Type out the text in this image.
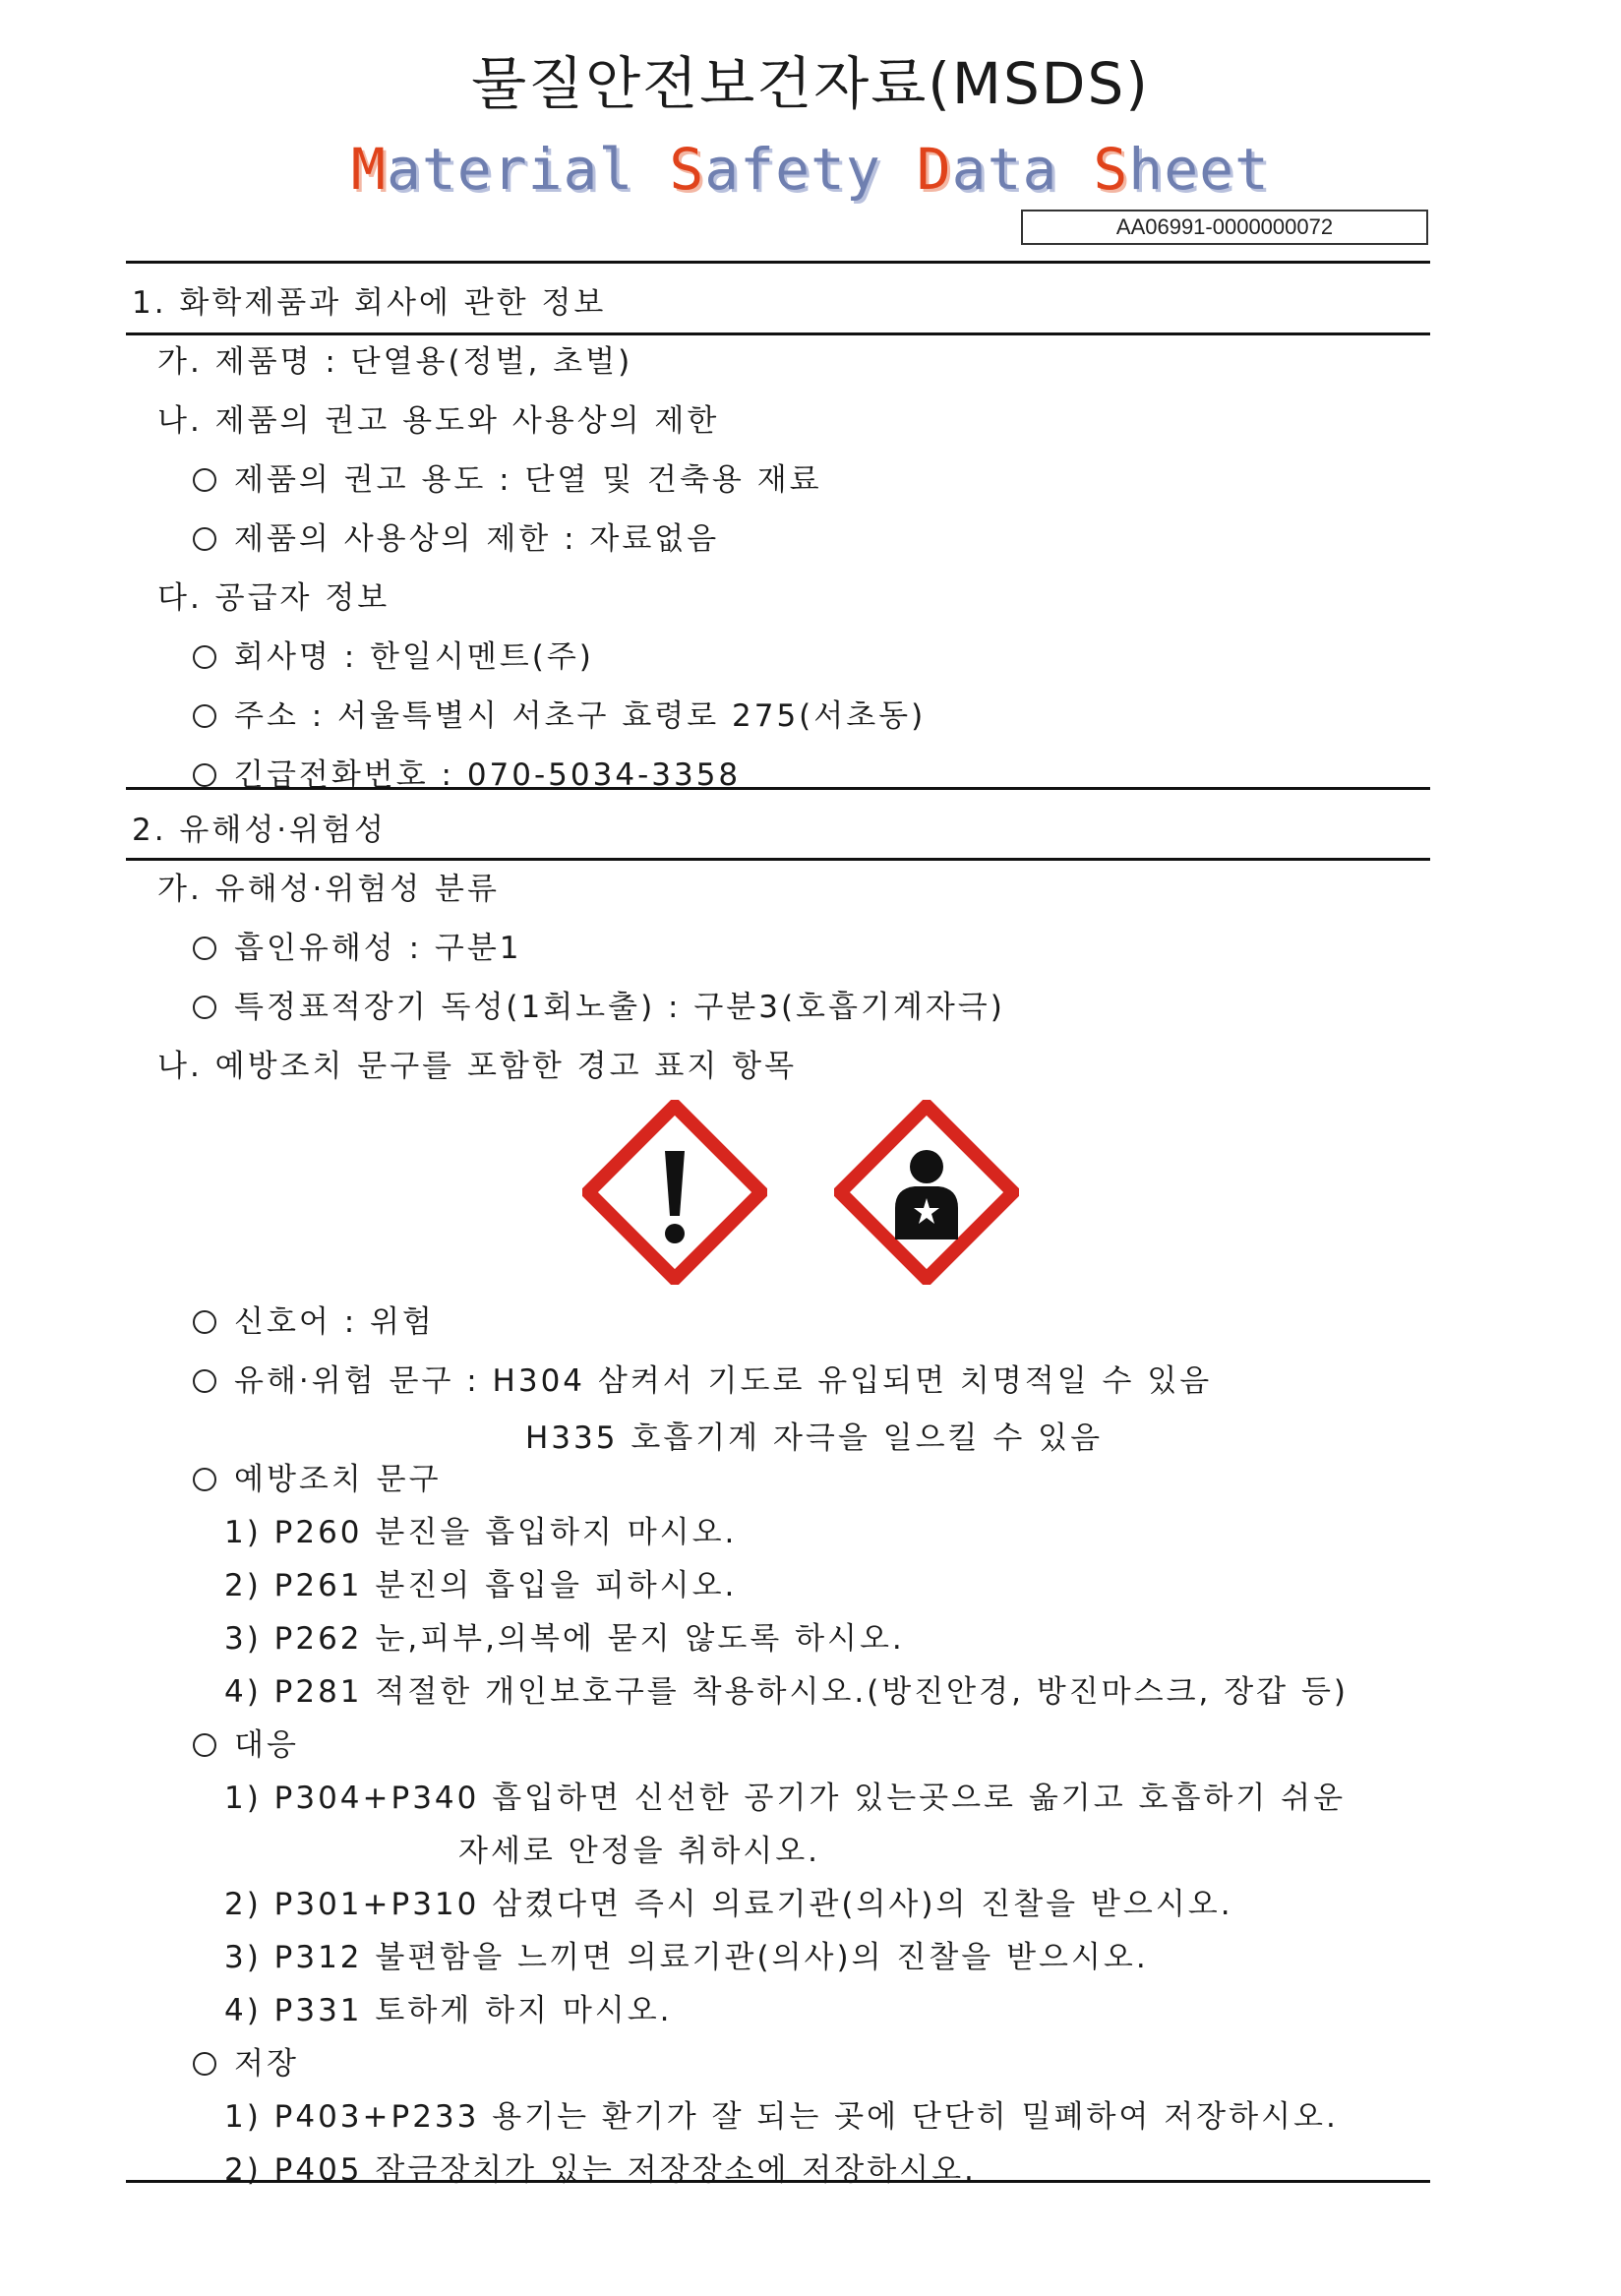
물질안전보건자료(MSDS)
Material Safety Data Sheet
AA06991-0000000072
1. 화학제품과 회사에 관한 정보
가. 제품명 : 단열용(정벌, 초벌)
나. 제품의 권고 용도와 사용상의 제한
제품의 권고 용도 : 단열 및 건축용 재료
제품의 사용상의 제한 : 자료없음
다. 공급자 정보
회사명 : 한일시멘트(주)
주소 : 서울특별시 서초구 효령로 275(서초동)
긴급전화번호 : 070-5034-3358
2. 유해성·위험성
가. 유해성·위험성 분류
흡인유해성 : 구분1
특정표적장기 독성(1회노출) : 구분3(호흡기계자극)
나. 예방조치 문구를 포함한 경고 표지 항목
신호어 : 위험
유해·위험 문구 : H304 삼켜서 기도로 유입되면 치명적일 수 있음
H335 호흡기계 자극을 일으킬 수 있음
예방조치 문구
1) P260 분진을 흡입하지 마시오.
2) P261 분진의 흡입을 피하시오.
3) P262 눈,피부,의복에 묻지 않도록 하시오.
4) P281 적절한 개인보호구를 착용하시오.(방진안경, 방진마스크, 장갑 등)
대응
1) P304+P340 흡입하면 신선한 공기가 있는곳으로 옮기고 호흡하기 쉬운
자세로 안정을 취하시오.
2) P301+P310 삼켰다면 즉시 의료기관(의사)의 진찰을 받으시오.
3) P312 불편함을 느끼면 의료기관(의사)의 진찰을 받으시오.
4) P331 토하게 하지 마시오.
저장
1) P403+P233 용기는 환기가 잘 되는 곳에 단단히 밀폐하여 저장하시오.
2) P405 잠금장치가 있는 저장장소에 저장하시오.
